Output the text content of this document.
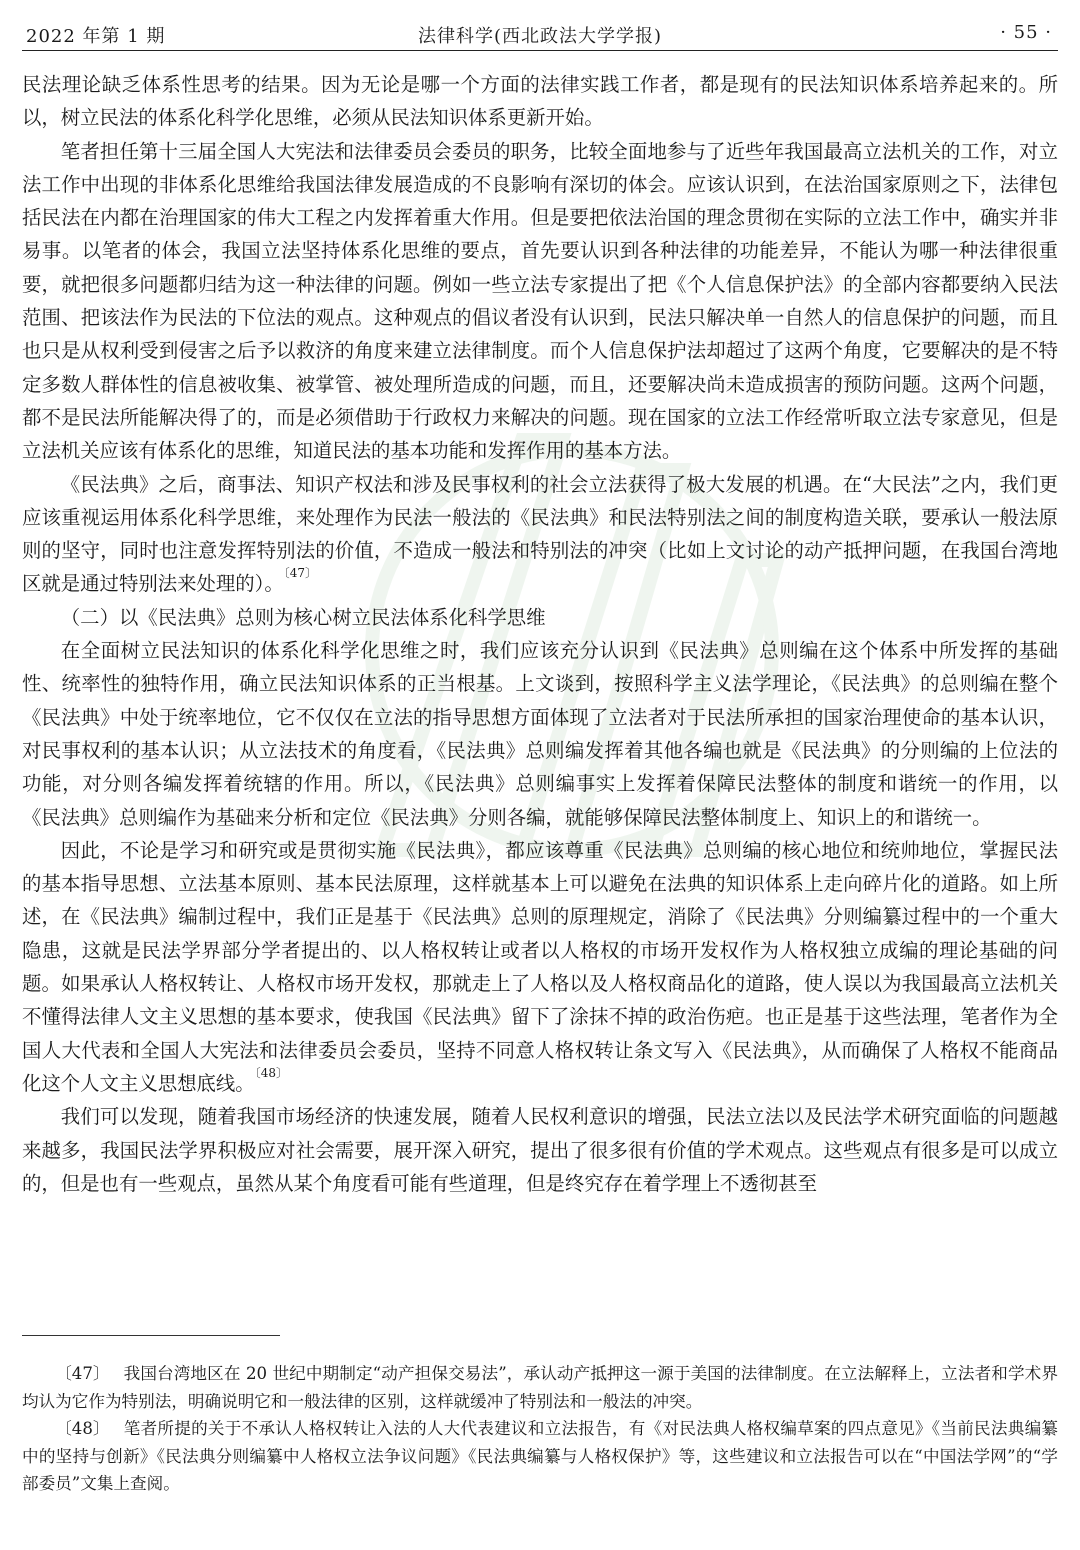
2022 年第 1 期	法律科学(西北政法大学学报)	· 55 ·

民法理论缺乏体系性思考的结果。因为无论是哪一个方面的法律实践工作者，都是现有的民法知识体系培养起来的。所以，树立民法的体系化科学化思维，必须从民法知识体系更新开始。

笔者担任第十三届全国人大宪法和法律委员会委员的职务，比较全面地参与了近些年我国最高立法机关的工作，对立法工作中出现的非体系化思维给我国法律发展造成的不良影响有深切的体会。应该认识到，在法治国家原则之下，法律包括民法在内都在治理国家的伟大工程之内发挥着重大作用。但是要把依法治国的理念贯彻在实际的立法工作中，确实并非易事。以笔者的体会，我国立法坚持体系化思维的要点，首先要认识到各种法律的功能差异，不能认为哪一种法律很重要，就把很多问题都归结为这一种法律的问题。例如一些立法专家提出了把《个人信息保护法》的全部内容都要纳入民法范围、把该法作为民法的下位法的观点。这种观点的倡议者没有认识到，民法只解决单一自然人的信息保护的问题，而且也只是从权利受到侵害之后予以救济的角度来建立法律制度。而个人信息保护法却超过了这两个角度，它要解决的是不特定多数人群体性的信息被收集、被掌管、被处理所造成的问题，而且，还要解决尚未造成损害的预防问题。这两个问题，都不是民法所能解决得了的，而是必须借助于行政权力来解决的问题。现在国家的立法工作经常听取立法专家意见，但是立法机关应该有体系化的思维，知道民法的基本功能和发挥作用的基本方法。

《民法典》之后，商事法、知识产权法和涉及民事权利的社会立法获得了极大发展的机遇。在“大民法”之内，我们更应该重视运用体系化科学思维，来处理作为民法一般法的《民法典》和民法特别法之间的制度构造关联，要承认一般法原则的坚守，同时也注意发挥特别法的价值，不造成一般法和特别法的冲突（比如上文讨论的动产抵押问题，在我国台湾地区就是通过特别法来处理的）。$^{〔47〕}$

（二）以《民法典》总则为核心树立民法体系化科学思维

在全面树立民法知识的体系化科学化思维之时，我们应该充分认识到《民法典》总则编在这个体系中所发挥的基础性、统率性的独特作用，确立民法知识体系的正当根基。上文谈到，按照科学主义法学理论，《民法典》的总则编在整个《民法典》中处于统率地位，它不仅仅在立法的指导思想方面体现了立法者对于民法所承担的国家治理使命的基本认识，对民事权利的基本认识；从立法技术的角度看，《民法典》总则编发挥着其他各编也就是《民法典》的分则编的上位法的功能，对分则各编发挥着统辖的作用。所以，《民法典》总则编事实上发挥着保障民法整体的制度和谐统一的作用，以《民法典》总则编作为基础来分析和定位《民法典》分则各编，就能够保障民法整体制度上、知识上的和谐统一。

因此，不论是学习和研究或是贯彻实施《民法典》，都应该尊重《民法典》总则编的核心地位和统帅地位，掌握民法的基本指导思想、立法基本原则、基本民法原理，这样就基本上可以避免在法典的知识体系上走向碎片化的道路。如上所述，在《民法典》编制过程中，我们正是基于《民法典》总则的原理规定，消除了《民法典》分则编纂过程中的一个重大隐患，这就是民法学界部分学者提出的、以人格权转让或者以人格权的市场开发权作为人格权独立成编的理论基础的问题。如果承认人格权转让、人格权市场开发权，那就走上了人格以及人格权商品化的道路，使人误以为我国最高立法机关不懂得法律人文主义思想的基本要求，使我国《民法典》留下了涂抹不掉的政治伤疤。也正是基于这些法理，笔者作为全国人大代表和全国人大宪法和法律委员会委员，坚持不同意人格权转让条文写入《民法典》，从而确保了人格权不能商品化这个人文主义思想底线。$^{〔48〕}$

我们可以发现，随着我国市场经济的快速发展，随着人民权利意识的增强，民法立法以及民法学术研究面临的问题越来越多，我国民法学界积极应对社会需要，展开深入研究，提出了很多很有价值的学术观点。这些观点有很多是可以成立的，但是也有一些观点，虽然从某个角度看可能有些道理，但是终究存在着学理上不透彻甚至

〔47〕 我国台湾地区在 20 世纪中期制定“动产担保交易法”，承认动产抵押这一源于美国的法律制度。在立法解释上，立法者和学术界均认为它作为特别法，明确说明它和一般法律的区别，这样就缓冲了特别法和一般法的冲突。

〔48〕 笔者所提的关于不承认人格权转让入法的人大代表建议和立法报告，有《对民法典人格权编草案的四点意见》《当前民法典编纂中的坚持与创新》《民法典分则编纂中人格权立法争议问题》《民法典编纂与人格权保护》等，这些建议和立法报告可以在“中国法学网”的“学部委员”文集上查阅。
